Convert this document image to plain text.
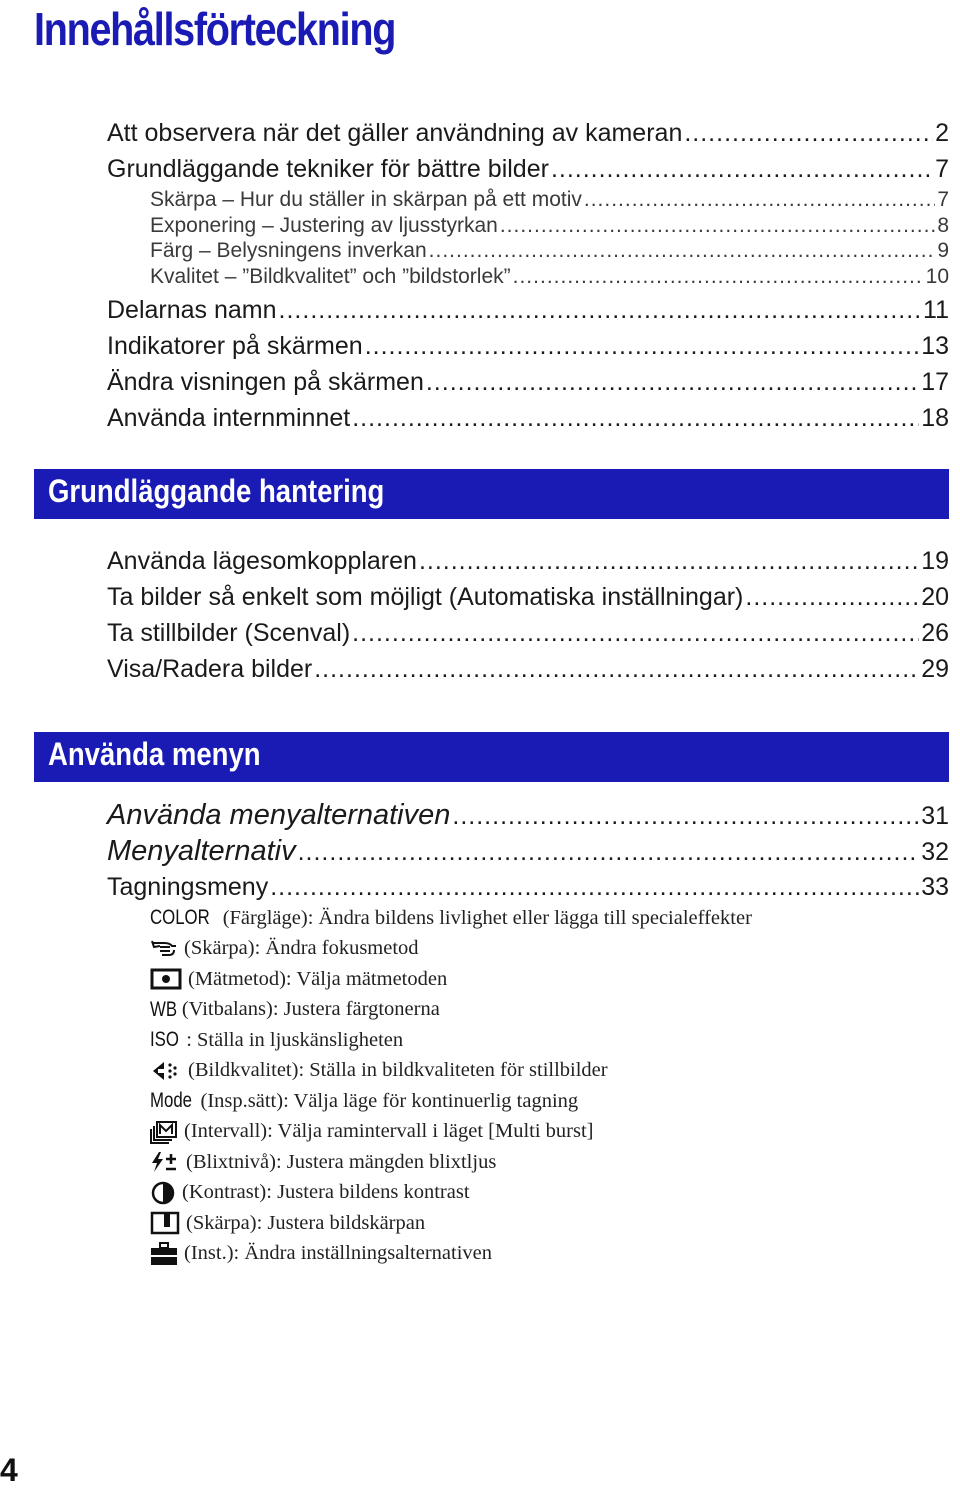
Innehållsförteckning
Att observera när det gäller användning av kameran .....	2
Grundläggande tekniker för bättre bilder .....	7
Skärpa – Hur du ställer in skärpan på ett motiv .....	7
Exponering – Justering av ljusstyrkan .....	8
Färg – Belysningens inverkan .....	9
Kvalitet – ”Bildkvalitet” och ”bildstorlek” .....	10
Delarnas namn .....	11
Indikatorer på skärmen .....	13
Ändra visningen på skärmen .....	17
Använda internminnet .....	18
Grundläggande hantering
Använda lägesomkopplaren .....	19
Ta bilder så enkelt som möjligt (Automatiska inställningar) .....	20
Ta stillbilder (Scenval) .....	26
Visa/Radera bilder .....	29
Använda menyn
Använda menyalternativen .....	31
Menyalternativ .....	32
Tagningsmeny .....	33
COLOR (Färgläge): Ändra bildens livlighet eller lägga till specialeffekter
(Skärpa): Ändra fokusmetod
(Mätmetod): Välja mätmetoden
WB (Vitbalans): Justera färgtonerna
ISO : Ställa in ljuskänsligheten
(Bildkvalitet): Ställa in bildkvaliteten för stillbilder
Mode (Insp.sätt): Välja läge för kontinuerlig tagning
(Intervall): Välja ramintervall i läget [Multi burst]
(Blixtnivå): Justera mängden blixtljus
(Kontrast): Justera bildens kontrast
(Skärpa): Justera bildskärpan
(Inst.): Ändra inställningsalternativen
4
